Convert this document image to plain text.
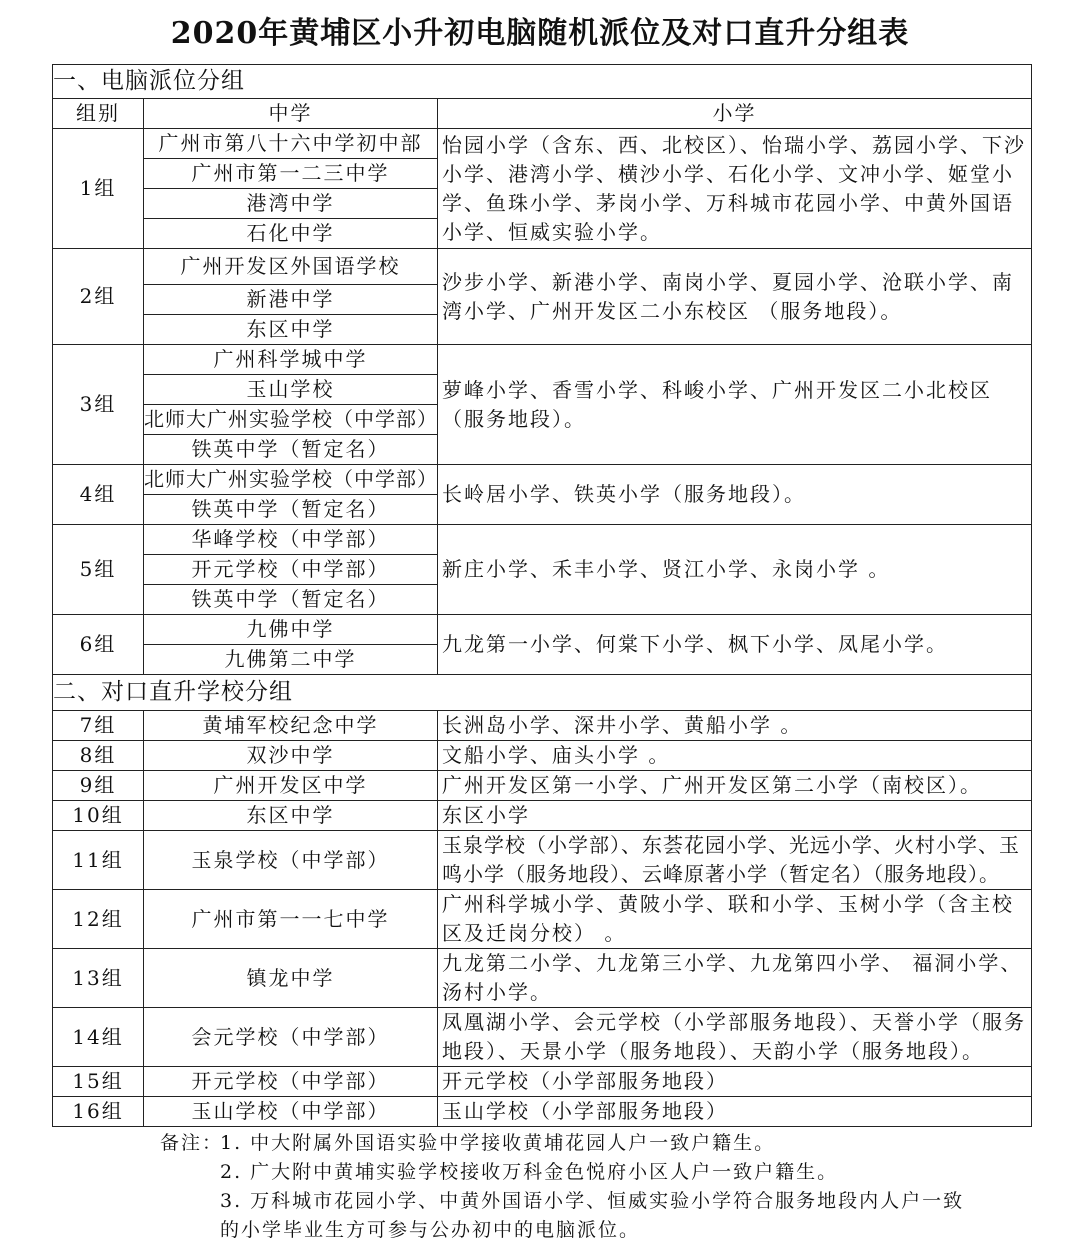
2020年黄埔区小升初电脑随机派位及对口直升分组表
一、电脑派位分组		
组别	中学	小学
1组	广州市第八十六中学初中部	怡园小学（含东、西、北校区）、怡瑞小学、荔园小学、下沙小学、港湾小学、横沙小学、石化小学、文冲小学、姬堂小学、鱼珠小学、茅岗小学、万科城市花园小学、中黄外国语小学、恒威实验小学。
	广州市第一二三中学	
	港湾中学	
	石化中学	
2组	广州开发区外国语学校	沙步小学、新港小学、南岗小学、夏园小学、沧联小学、南湾小学、广州开发区二小东校区 （服务地段）。
	新港中学	
	东区中学	
3组	广州科学城中学	萝峰小学、香雪小学、科峻小学、广州开发区二小北校区（服务地段）。
	玉山学校	
	北师大广州实验学校（中学部）	
	铁英中学（暂定名）	
4组	北师大广州实验学校（中学部）	长岭居小学、铁英小学（服务地段）。
	铁英中学（暂定名）	
5组	华峰学校（中学部）	新庄小学、禾丰小学、贤江小学、永岗小学 。
	开元学校（中学部）	
	铁英中学（暂定名）	
6组	九佛中学	九龙第一小学、何棠下小学、枫下小学、凤尾小学。
	九佛第二中学	
二、对口直升学校分组		
7组	黄埔军校纪念中学	长洲岛小学、深井小学、黄船小学 。
8组	双沙中学	文船小学、庙头小学 。
9组	广州开发区中学	广州开发区第一小学、广州开发区第二小学（南校区）。
10组	东区中学	东区小学
11组	玉泉学校（中学部）	玉泉学校（小学部）、东荟花园小学、光远小学、火村小学、玉鸣小学（服务地段）、云峰原著小学（暂定名）（服务地段）。
12组	广州市第一一七中学	广州科学城小学、黄陂小学、联和小学、玉树小学（含主校区及迁岗分校） 。
13组	镇龙中学	九龙第二小学、九龙第三小学、九龙第四小学、 福洞小学、汤村小学。
14组	会元学校（中学部）	凤凰湖小学、会元学校（小学部服务地段）、天誉小学（服务地段）、天景小学（服务地段）、天韵小学（服务地段）。
15组	开元学校（中学部）	开元学校（小学部服务地段）
16组	玉山学校（中学部）	玉山学校（小学部服务地段）
备注：1. 中大附属外国语实验中学接收黄埔花园人户一致户籍生。
2. 广大附中黄埔实验学校接收万科金色悦府小区人户一致户籍生。
3. 万科城市花园小学、中黄外国语小学、恒威实验小学符合服务地段内人户一致
的小学毕业生方可参与公办初中的电脑派位。
